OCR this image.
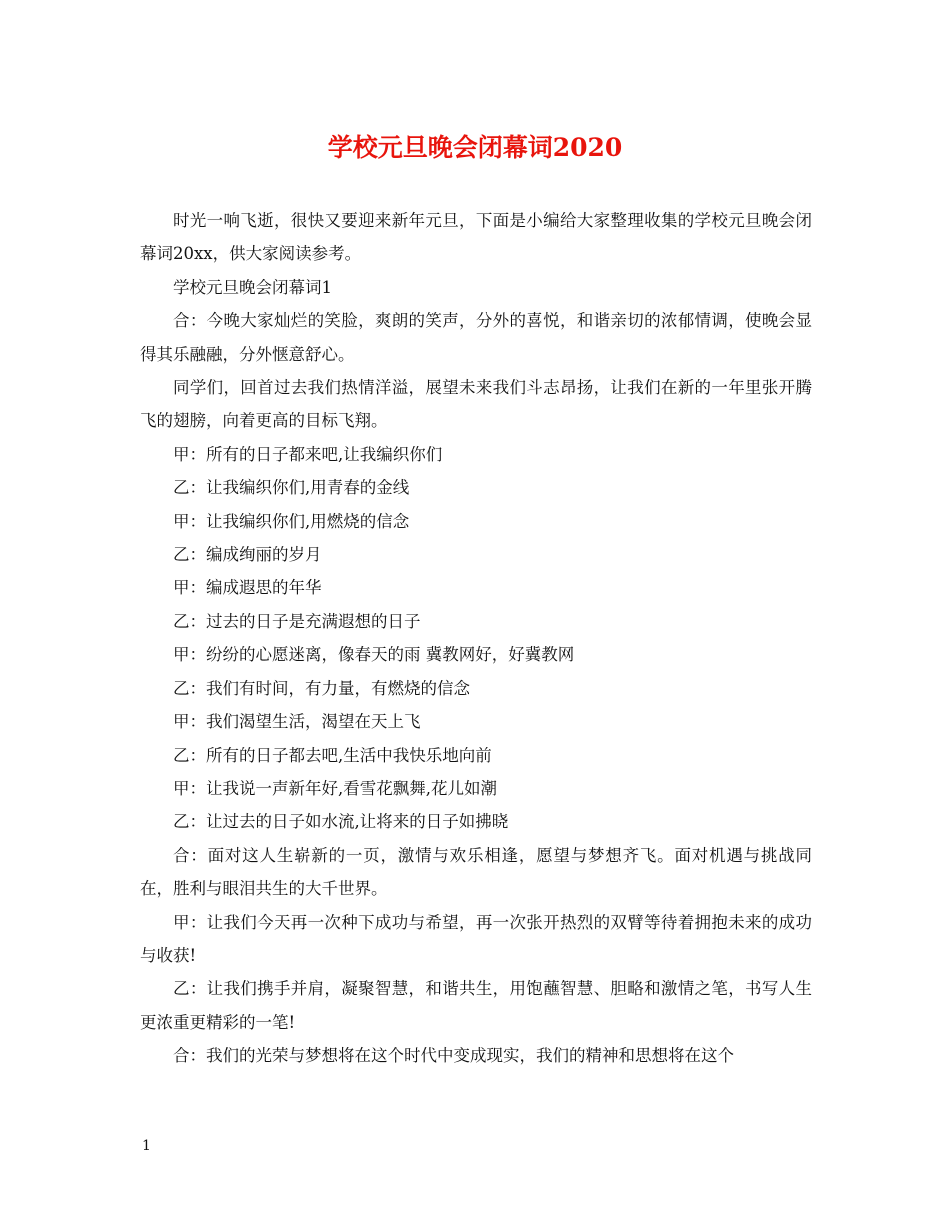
学校元旦晚会闭幕词2020

时光一响飞逝，很快又要迎来新年元旦，下面是小编给大家整理收集的学校元旦晚会闭幕词20xx，供大家阅读参考。

学校元旦晚会闭幕词1

合：今晚大家灿烂的笑脸，爽朗的笑声，分外的喜悦，和谐亲切的浓郁情调，使晚会显得其乐融融，分外惬意舒心。

同学们，回首过去我们热情洋溢，展望未来我们斗志昂扬，让我们在新的一年里张开腾飞的翅膀，向着更高的目标飞翔。

甲：所有的日子都来吧,让我编织你们

乙：让我编织你们,用青春的金线

甲：让我编织你们,用燃烧的信念

乙：编成绚丽的岁月

甲：编成遐思的年华

乙：过去的日子是充满遐想的日子

甲：纷纷的心愿迷离，像春天的雨 冀教网好，好冀教网

乙：我们有时间，有力量，有燃烧的信念

甲：我们渴望生活，渴望在天上飞

乙：所有的日子都去吧,生活中我快乐地向前

甲：让我说一声新年好,看雪花飘舞,花儿如潮

乙：让过去的日子如水流,让将来的日子如拂晓

合：面对这人生崭新的一页，激情与欢乐相逢，愿望与梦想齐飞。面对机遇与挑战同在，胜利与眼泪共生的大千世界。

甲：让我们今天再一次种下成功与希望，再一次张开热烈的双臂等待着拥抱未来的成功与收获!

乙：让我们携手并肩，凝聚智慧，和谐共生，用饱蘸智慧、胆略和激情之笔，书写人生更浓重更精彩的一笔!

合：我们的光荣与梦想将在这个时代中变成现实，我们的精神和思想将在这个

1
